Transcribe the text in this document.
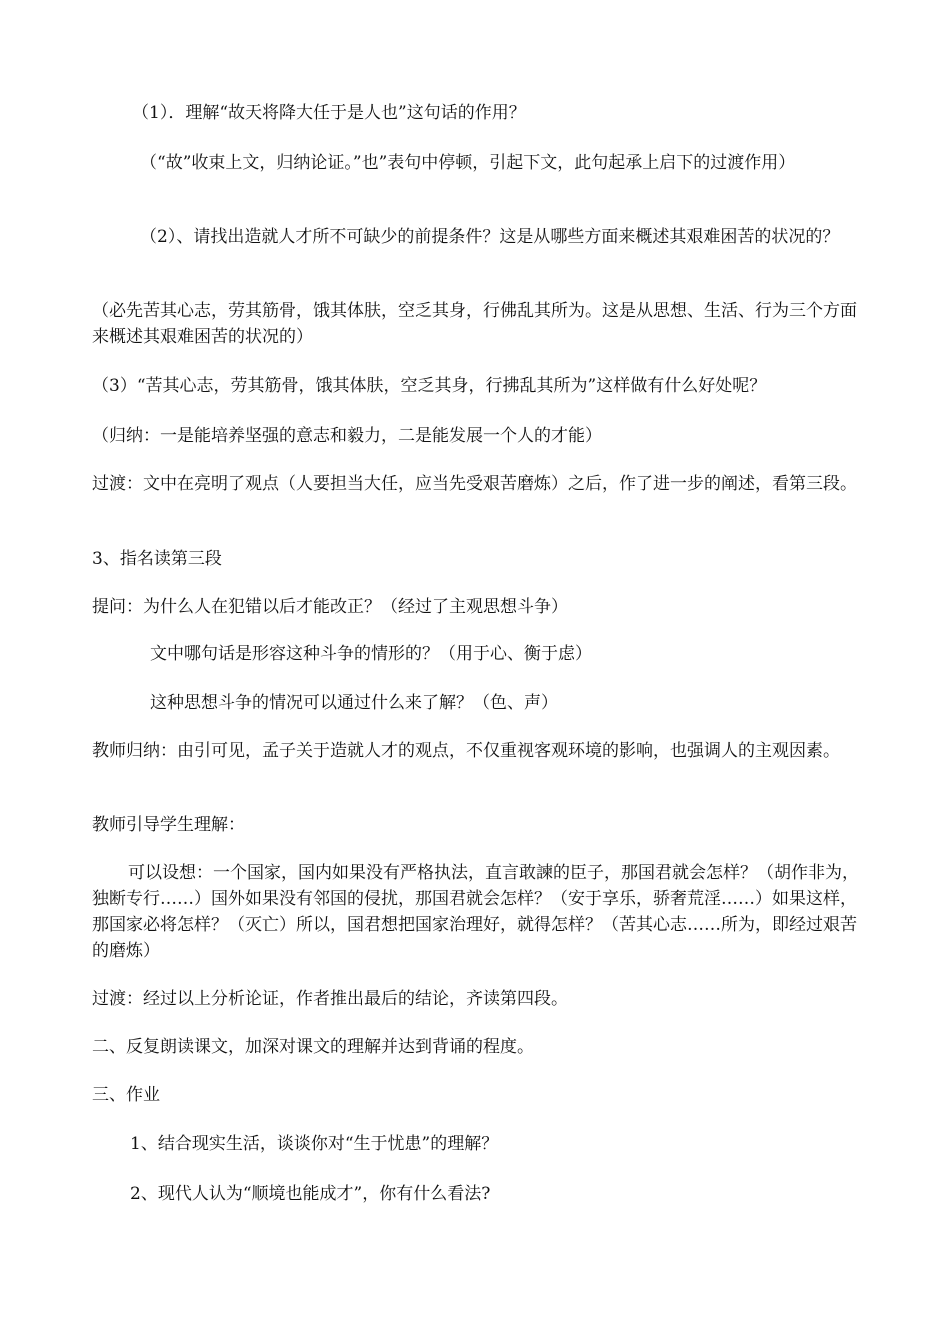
（1）．理解“故天将降大任于是人也”这句话的作用？

（“故”收束上文，归纳论证。”也”表句中停顿，引起下文，此句起承上启下的过渡作用）

（2）、请找出造就人才所不可缺少的前提条件？这是从哪些方面来概述其艰难困苦的状况的？

（必先苦其心志，劳其筋骨，饿其体肤，空乏其身，行佛乱其所为。这是从思想、生活、行为三个方面来概述其艰难困苦的状况的）

（3）“苦其心志，劳其筋骨，饿其体肤，空乏其身，行拂乱其所为”这样做有什么好处呢？

（归纳：一是能培养坚强的意志和毅力，二是能发展一个人的才能）

过渡：文中在亮明了观点（人要担当大任，应当先受艰苦磨炼）之后，作了进一步的阐述，看第三段。

3、指名读第三段

提问：为什么人在犯错以后才能改正？（经过了主观思想斗争）

文中哪句话是形容这种斗争的情形的？（用于心、衡于虑）

这种思想斗争的情况可以通过什么来了解？（色、声）

教师归纳：由引可见，孟子关于造就人才的观点，不仅重视客观环境的影响，也强调人的主观因素。

教师引导学生理解：

可以设想：一个国家，国内如果没有严格执法，直言敢諫的臣子，那国君就会怎样？（胡作非为，独断专行……）国外如果没有邻国的侵扰，那国君就会怎样？（安于享乐，骄奢荒淫……）如果这样，那国家必将怎样？（灭亡）所以，国君想把国家治理好，就得怎样？（苦其心志……所为，即经过艰苦的磨炼）

过渡：经过以上分析论证，作者推出最后的结论，齐读第四段。

二、反复朗读课文，加深对课文的理解并达到背诵的程度。

三、作业

1、结合现实生活，谈谈你对“生于忧患”的理解？

2、现代人认为“顺境也能成才”，你有什么看法?
